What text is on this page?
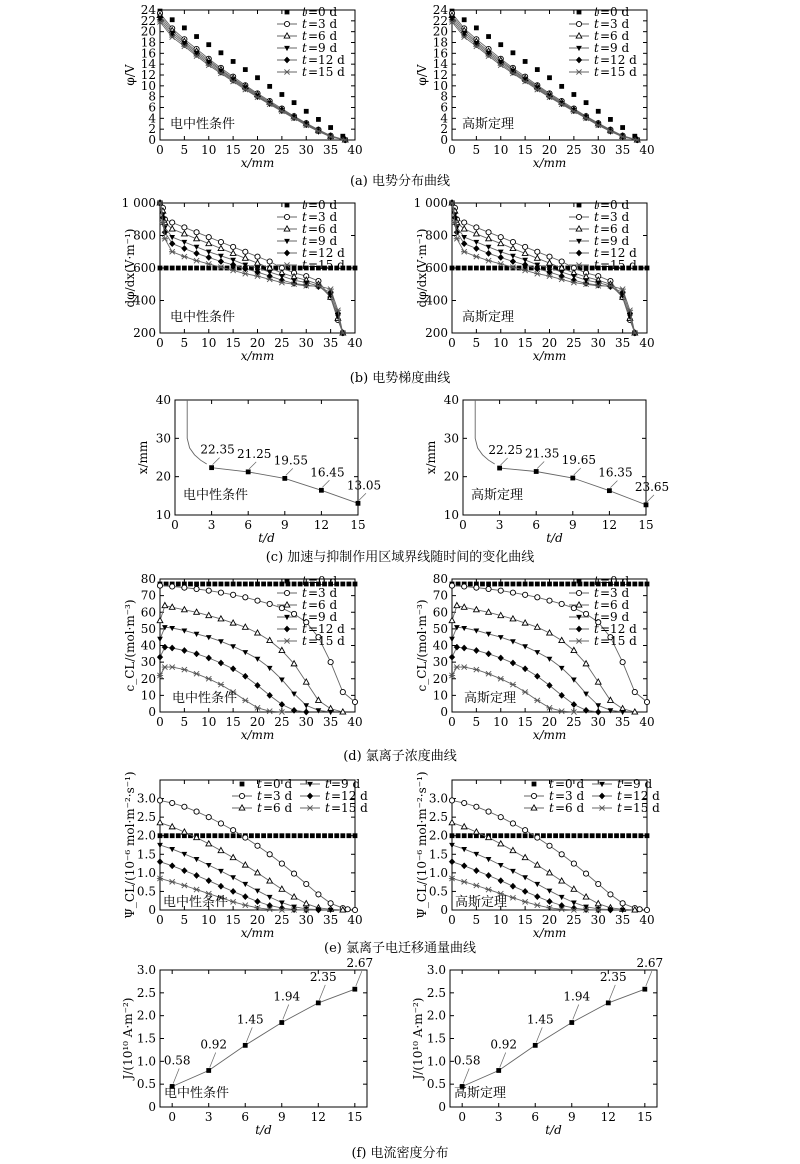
0 5 10 15 20 25 30 35 40
0
2
4
6
8
10
12
14
16
18
20
22
24
x/mm
φ/V
电中性条件
t =0 d
t =3 d
t =6 d
t =9 d
t =12 d
t =15 d
0 5 10 15 20 25 30 35 40
0
2
4
6
8
10
12
14
16
18
20
22
24
x/mm
φ/V
高斯定理
t =0 d
t =3 d
t =6 d
t =9 d
t =12 d
t =15 d
0 5 10 15 20 25 30 35 40
200
400
600
800
1 000
x/mm
dφ/dx(V·m⁻¹)
电中性条件
t =0 d
t =3 d
t =6 d
t =9 d
t =12 d
t =15 d
0 5 10 15 20 25 30 35 40
200
400
600
800
1 000
x/mm
dφ/dx(V·m⁻¹)
高斯定理
t =0 d
t =3 d
t =6 d
t =9 d
t =12 d
t =15 d
0 3 6 9 12 15
10
20
30
40
t/d
x/mm	22.35 21.25 19.55
16.45
13.05
电中性条件
0 3 6 9 12 15
10
20
30
40
t/d
x/mm	22.25 21.35 19.65
16.35
23.65
高斯定理
0 5 10 15 20 25 30 35 40
0
10
20
30
40
50
60
70
80
x/mm
c_CL/(mol·m⁻³)
电中性条件
t =0 d
t =3 d
t =6 d
t =9 d
t =12 d
t =15 d
0 5 10 15 20 25 30 35 40
0
10
20
30
40
50
60
70
80
x/mm
c_CL/(mol·m⁻³)
高斯定理
t =0 d
t =3 d
t =6 d
t =9 d
t =12 d
t =15 d
0 5 10 15 20 25 30 35 40
0
0.5
1.0
1.5
2.0
2.5
3.0
x/mm
Ψ_CL/(10⁻⁶ mol·m⁻²·s⁻¹) 电中性条件
t =0 d
t =3 d
t =6 d
t =9 d
t =12 d
t =15 d
0 5 10 15 20 25 30 35 40
0
0.5
1.0
1.5
2.0
2.5
3.0
x/mm
Ψ_CL/(10⁻⁶ mol·m⁻²·s⁻¹) 高斯定理
t =0 d
t =3 d
t =6 d
t =9 d
t =12 d
t =15 d
0 3 6 9 12 15
0
0.5
1.0
1.5
2.0
2.5
3.0
t/d
J/(10¹⁰ A·m⁻²) 0.58
0.92
1.45
1.94
2.35
2.67
电中性条件
0 3 6 9 12 15
0
0.5
1.0
1.5
2.0
2.5
3.0
t/d
J/(10¹⁰ A·m⁻²) 0.58
0.92
1.45
1.94
2.35
2.67
高斯定理
(a) 电势分布曲线
(b) 电势梯度曲线
(c) 加速与抑制作用区域界线随时间的变化曲线
(d) 氯离子浓度曲线
(e) 氯离子电迁移通量曲线
(f) 电流密度分布
